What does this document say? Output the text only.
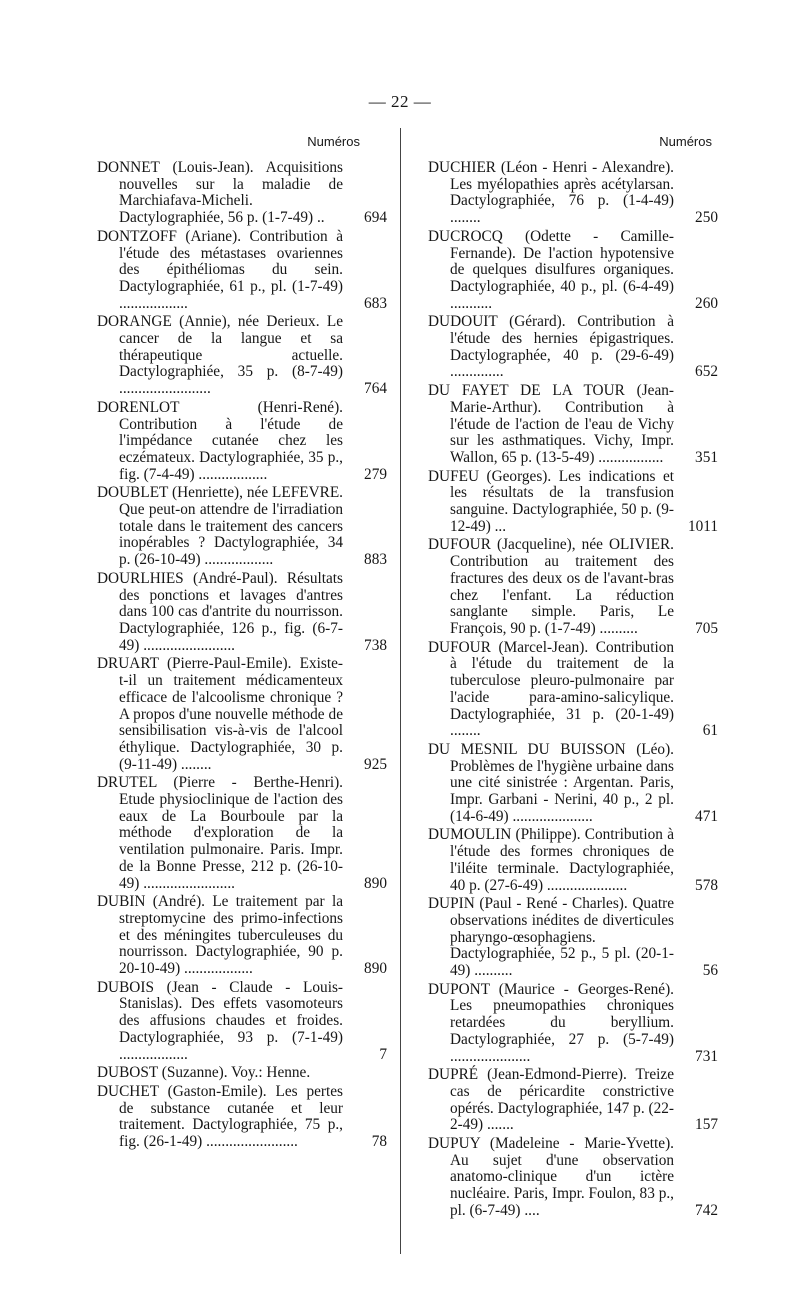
— 22 —
Numéros	Numéros
DONNET (Louis-Jean). Acquisitions nouvelles sur la maladie de Marchiafava-Micheli. Dactylographiée, 56 p. (1-7-49) ..	694
DONTZOFF (Ariane). Contribution à l'étude des métastases ovariennes des épithéliomas du sein. Dactylographiée, 61 p., pl. (1-7-49) ..................	683
DORANGE (Annie), née Derieux. Le cancer de la langue et sa thérapeutique actuelle. Dactylographiée, 35 p. (8-7-49) ........................	764
DORENLOT (Henri-René). Contribution à l'étude de l'impédance cutanée chez les eczémateux. Dactylographiée, 35 p., fig. (7-4-49) ..................	279
DOUBLET (Henriette), née LEFEVRE. Que peut-on attendre de l'irradiation totale dans le traitement des cancers inopérables ? Dactylographiée, 34 p. (26-10-49) ..................	883
DOURLHIES (André-Paul). Résultats des ponctions et lavages d'antres dans 100 cas d'antrite du nourrisson. Dactylographiée, 126 p., fig. (6-7-49) ........................	738
DRUART (Pierre-Paul-Emile). Existe-t-il un traitement médicamenteux efficace de l'alcoolisme chronique ? A propos d'une nouvelle méthode de sensibilisation vis-à-vis de l'alcool éthylique. Dactylographiée, 30 p. (9-11-49) ........	925
DRUTEL (Pierre - Berthe-Henri). Etude physioclinique de l'action des eaux de La Bourboule par la méthode d'exploration de la ventilation pulmonaire. Paris. Impr. de la Bonne Presse, 212 p. (26-10-49) ........................	890
DUBIN (André). Le traitement par la streptomycine des primo-infections et des méningites tuberculeuses du nourrisson. Dactylographiée, 90 p. 20-10-49) ..................	890
DUBOIS (Jean - Claude - Louis-Stanislas). Des effets vasomoteurs des affusions chaudes et froides. Dactylographiée, 93 p. (7-1-49) ..................	7
DUBOST (Suzanne). Voy.: Henne.
DUCHET (Gaston-Emile). Les pertes de substance cutanée et leur traitement. Dactylographiée, 75 p., fig. (26-1-49) ........................	78
DUCHIER (Léon - Henri - Alexandre). Les myélopathies après acétylarsan. Dactylographiée, 76 p. (1-4-49) ........	250
DUCROCQ (Odette - Camille-Fernande). De l'action hypotensive de quelques disulfures organiques. Dactylographiée, 40 p., pl. (6-4-49) ...........	260
DUDOUIT (Gérard). Contribution à l'étude des hernies épigastriques. Dactylographée, 40 p. (29-6-49) ..............	652
DU FAYET DE LA TOUR (Jean-Marie-Arthur). Contribution à l'étude de l'action de l'eau de Vichy sur les asthmatiques. Vichy, Impr. Wallon, 65 p. (13-5-49) .................	351
DUFEU (Georges). Les indications et les résultats de la transfusion sanguine. Dactylographiée, 50 p. (9-12-49) ...	1011
DUFOUR (Jacqueline), née OLIVIER. Contribution au traitement des fractures des deux os de l'avant-bras chez l'enfant. La réduction sanglante simple. Paris, Le François, 90 p. (1-7-49) ..........	705
DUFOUR (Marcel-Jean). Contribution à l'étude du traitement de la tuberculose pleuro-pulmonaire par l'acide para-amino-salicylique. Dactylographiée, 31 p. (20-1-49) ........	61
DU MESNIL DU BUISSON (Léo). Problèmes de l'hygiène urbaine dans une cité sinistrée : Argentan. Paris, Impr. Garbani - Nerini, 40 p., 2 pl. (14-6-49) .....................	471
DUMOULIN (Philippe). Contribution à l'étude des formes chroniques de l'iléite terminale. Dactylographiée, 40 p. (27-6-49) .....................	578
DUPIN (Paul - René - Charles). Quatre observations inédites de diverticules pharyngo-œsophagiens. Dactylographiée, 52 p., 5 pl. (20-1-49) ..........	56
DUPONT (Maurice - Georges-René). Les pneumopathies chroniques retardées du beryllium. Dactylographiée, 27 p. (5-7-49) .....................	731
DUPRÉ (Jean-Edmond-Pierre). Treize cas de péricardite constrictive opérés. Dactylographiée, 147 p. (22-2-49) .......	157
DUPUY (Madeleine - Marie-Yvette). Au sujet d'une observation anatomo-clinique d'un ictère nucléaire. Paris, Impr. Foulon, 83 p., pl. (6-7-49) ....	742
